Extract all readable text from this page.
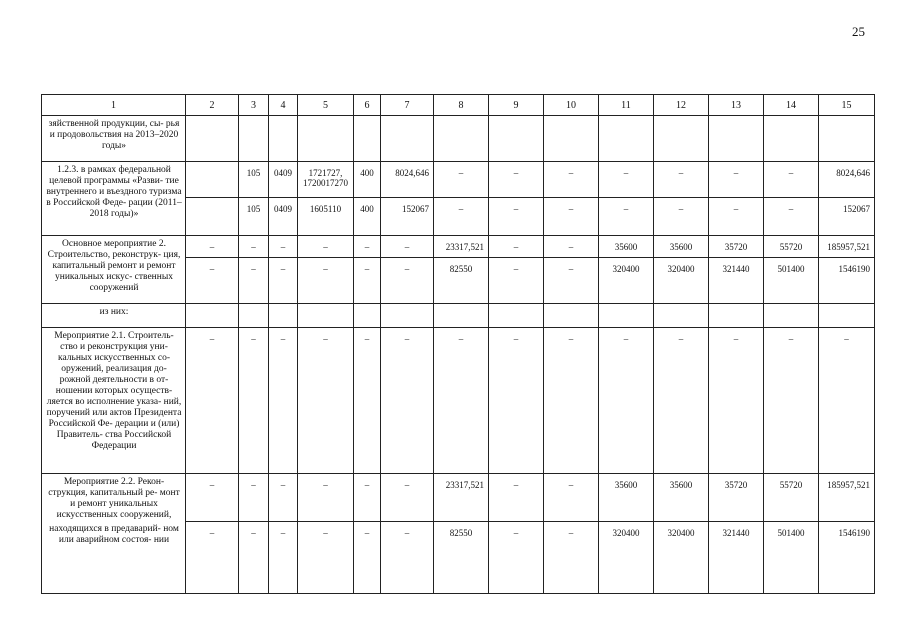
25
1	2	3	4	5	6	7	8	9	10	11	12	13	14	15
зяйственной продукции, сы- рья и продовольствия на 2013–2020 годы»														
1.2.3. в рамках федеральной целевой программы «Разви- тие внутреннего и въездного туризма в Российской Феде- рации (2011–2018 годы)»		105	0409	1721727, 1720017270	400	8024,646	–	–	–	–	–	–	–	8024,646
		105	0409	1605110	400	152067	–	–	–	–	–	–	–	152067
Основное мероприятие 2. Строительство, реконструк- ция, капитальный ремонт и ремонт уникальных искус- ственных сооружений	–	–	–	–	–	–	23317,521	–	–	35600	35600	35720	55720	185957,521
	–	–	–	–	–	–	82550	–	–	320400	320400	321440	501400	1546190
из них:														
Мероприятие 2.1. Строитель- ство и реконструкция уни- кальных искусственных со- оружений, реализация до- рожной деятельности в от- ношении которых осуществ- ляется во исполнение указа- ний, поручений или актов Президента Российской Фе- дерации и (или) Правитель- ства Российской Федерации	–	–	–	–	–	–	–	–	–	–	–	–	–	–
Мероприятие 2.2. Рекон- струкция, капитальный ре- монт и ремонт уникальных искусственных сооружений,	–	–	–	–	–	–	23317,521	–	–	35600	35600	35720	55720	185957,521
находящихся в предаварий- ном или аварийном состоя- нии	–	–	–	–	–	–	82550	–	–	320400	320400	321440	501400	1546190
